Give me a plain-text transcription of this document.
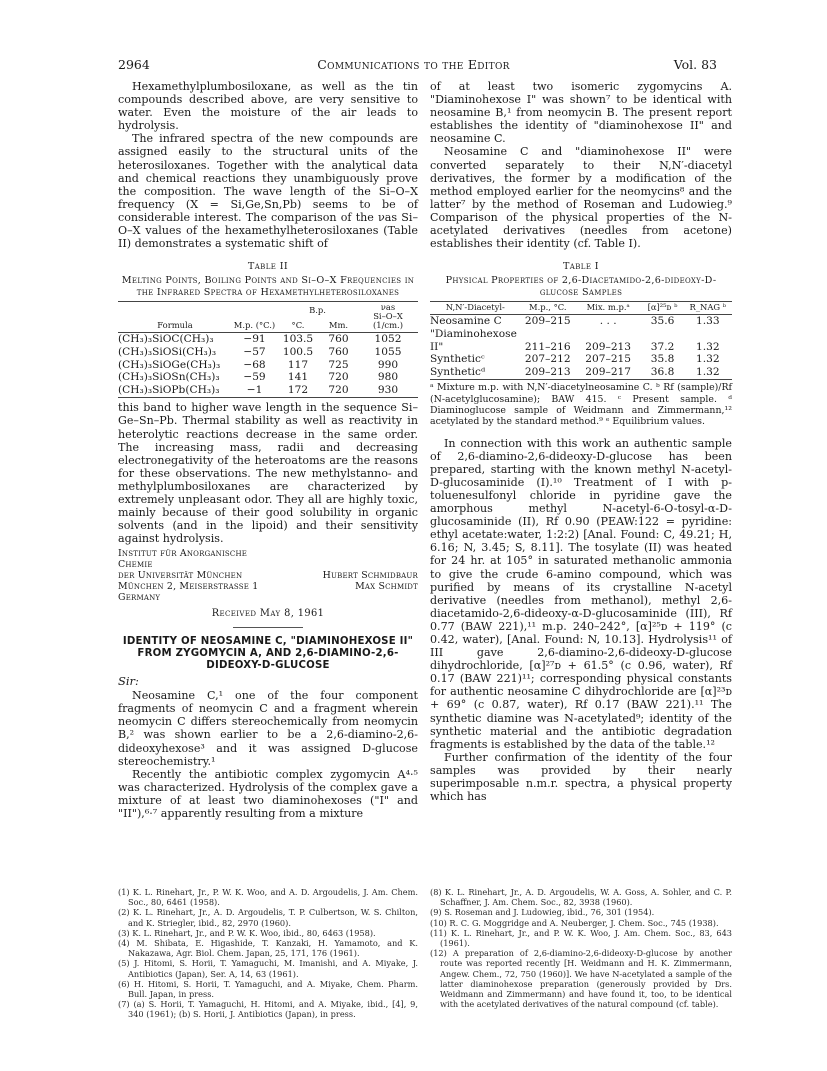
2964	Communications to the Editor	Vol. 83

Hexamethylplumbosiloxane, as well as the tin compounds described above, are very sensitive to water. Even the moisture of the air leads to hydrolysis.

The infrared spectra of the new compounds are assigned easily to the structural units of the heterosiloxanes. Together with the analytical data and chemical reactions they unambiguously prove the composition. The wave length of the Si–O–X frequency (X = Si,Ge,Sn,Pb) seems to be of considerable interest. The comparison of the νas Si–O–X values of the hexamethylheterosiloxanes (Table II) demonstrates a systematic shift of

Table II
Melting Points, Boiling Points and Si–O–X Frequencies in the Infrared Spectra of Hexamethylheterosiloxanes
Formula	M.p. (°C.)	B.p.		νas
Si–O–X
(1/cm.)

		°C.	Mm.	

(CH₃)₃SiOC(CH₃)₃	−91	103.5	760	1052
(CH₃)₃SiOSi(CH₃)₃	−57	100.5	760	1055
(CH₃)₃SiOGe(CH₃)₃	−68	117	725	990
(CH₃)₃SiOSn(CH₃)₃	−59	141	720	980
(CH₃)₃SiOPb(CH₃)₃	−1	172	720	930

this band to higher wave length in the sequence Si–Ge–Sn–Pb. Thermal stability as well as reactivity in heterolytic reactions decrease in the same order. The increasing mass, radii and decreasing electronegativity of the heteroatoms are the reasons for these observations. The new methylstanno- and methylplumbosiloxanes are characterized by extremely unpleasant odor. They all are highly toxic, mainly because of their good solubility in organic solvents (and in the lipoid) and their sensitivity against hydrolysis.

Institut für Anorganische Chemie
der Universität München	Hubert Schmidbaur
München 2, Meiserstrasse 1	Max Schmidt
Germany
Received May 8, 1961
IDENTITY OF NEOSAMINE C, "DIAMINOHEXOSE II" FROM ZYGOMYCIN A, AND 2,6-DIAMINO-2,6-DIDEOXY-D-GLUCOSE
Sir:

Neosamine C,¹ one of the four component fragments of neomycin C and a fragment wherein neomycin C differs stereochemically from neomycin B,² was shown earlier to be a 2,6-diamino-2,6-dideoxyhexose³ and it was assigned D-glucose stereochemistry.¹

Recently the antibiotic complex zygomycin A⁴·⁵ was characterized. Hydrolysis of the complex gave a mixture of at least two diaminohexoses ("I" and "II"),⁶·⁷ apparently resulting from a mixture

of at least two isomeric zygomycins A. "Diaminohexose I" was shown⁷ to be identical with neosamine B,¹ from neomycin B. The present report establishes the identity of "diaminohexose II" and neosamine C.

Neosamine C and "diaminohexose II" were converted separately to their N,N′-diacetyl derivatives, the former by a modification of the method employed earlier for the neomycins⁸ and the latter⁷ by the method of Roseman and Ludowieg.⁹ Comparison of the physical properties of the N-acetylated derivatives (needles from acetone) establishes their identity (cf. Table I).

Table I
Physical Properties of 2,6-Diacetamido-2,6-dideoxy-D-glucose Samples
N,N′-Diacetyl-	M.p., °C.	Mix. m.p.ᵃ	[α]²⁵ᴅ ᵇ	R_NAG ᵇ

Neosamine C	209–215	. . .	35.6	1.33
"Diaminohexose				
II"	211–216	209–213	37.2	1.32
Syntheticᶜ	207–212	207–215	35.8	1.32
Syntheticᵈ	209–213	209–217	36.8	1.32

ᵃ Mixture m.p. with N,N′-diacetylneosamine C. ᵇ Rf (sample)/Rf (N-acetylglucosamine); BAW 415. ᶜ Present sample. ᵈ Diaminoglucose sample of Weidmann and Zimmermann,¹² acetylated by the standard method.⁹ ᵉ Equilibrium values.

In connection with this work an authentic sample of 2,6-diamino-2,6-dideoxy-D-glucose has been prepared, starting with the known methyl N-acetyl-D-glucosaminide (I).¹⁰ Treatment of I with p-toluenesulfonyl chloride in pyridine gave the amorphous methyl N-acetyl-6-O-tosyl-α-D-glucosaminide (II), Rf 0.90 (PEAW:122 = pyridine: ethyl acetate:water, 1:2:2) [Anal. Found: C, 49.21; H, 6.16; N, 3.45; S, 8.11]. The tosylate (II) was heated for 24 hr. at 105° in saturated methanolic ammonia to give the crude 6-amino compound, which was purified by means of its crystalline N-acetyl derivative (needles from methanol), methyl 2,6-diacetamido-2,6-dideoxy-α-D-glucosaminide (III), Rf 0.77 (BAW 221),¹¹ m.p. 240–242°, [α]²⁵ᴅ + 119° (c 0.42, water), [Anal. Found: N, 10.13]. Hydrolysis¹¹ of III gave 2,6-diamino-2,6-dideoxy-D-glucose dihydrochloride, [α]²⁷ᴅ + 61.5° (c 0.96, water), Rf 0.17 (BAW 221)¹¹; corresponding physical constants for authentic neosamine C dihydrochloride are [α]²³ᴅ + 69° (c 0.87, water), Rf 0.17 (BAW 221).¹¹ The synthetic diamine was N-acetylated⁹; identity of the synthetic material and the antibiotic degradation fragments is established by the data of the table.¹²

Further confirmation of the identity of the four samples was provided by their nearly superimposable n.m.r. spectra, a physical property which has

(1) K. L. Rinehart, Jr., P. W. K. Woo, and A. D. Argoudelis, J. Am. Chem. Soc., 80, 6461 (1958).

(2) K. L. Rinehart, Jr., A. D. Argoudelis, T. P. Culbertson, W. S. Chilton, and K. Striegler, ibid., 82, 2970 (1960).

(3) K. L. Rinehart, Jr., and P. W. K. Woo, ibid., 80, 6463 (1958).

(4) M. Shibata, E. Higashide, T. Kanzaki, H. Yamamoto, and K. Nakazawa, Agr. Biol. Chem. Japan, 25, 171, 176 (1961).

(5) J. Hitomi, S. Horii, T. Yamaguchi, M. Imanishi, and A. Miyake, J. Antibiotics (Japan), Ser. A, 14, 63 (1961).

(6) H. Hitomi, S. Horii, T. Yamaguchi, and A. Miyake, Chem. Pharm. Bull. Japan, in press.

(7) (a) S. Horii, T. Yamaguchi, H. Hitomi, and A. Miyake, ibid., [4], 9, 340 (1961); (b) S. Horii, J. Antibiotics (Japan), in press.

(8) K. L. Rinehart, Jr., A. D. Argoudelis, W. A. Goss, A. Sohler, and C. P. Schaffner, J. Am. Chem. Soc., 82, 3938 (1960).

(9) S. Roseman and J. Ludowieg, ibid., 76, 301 (1954).

(10) R. C. G. Moggridge and A. Neuberger, J. Chem. Soc., 745 (1938).

(11) K. L. Rinehart, Jr., and P. W. K. Woo, J. Am. Chem. Soc., 83, 643 (1961).

(12) A preparation of 2,6-diamino-2,6-dideoxy-D-glucose by another route was reported recently [H. Weidmann and H. K. Zimmermann, Angew. Chem., 72, 750 (1960)]. We have N-acetylated a sample of the latter diaminohexose preparation (generously provided by Drs. Weidmann and Zimmermann) and have found it, too, to be identical with the acetylated derivatives of the natural compound (cf. table).
